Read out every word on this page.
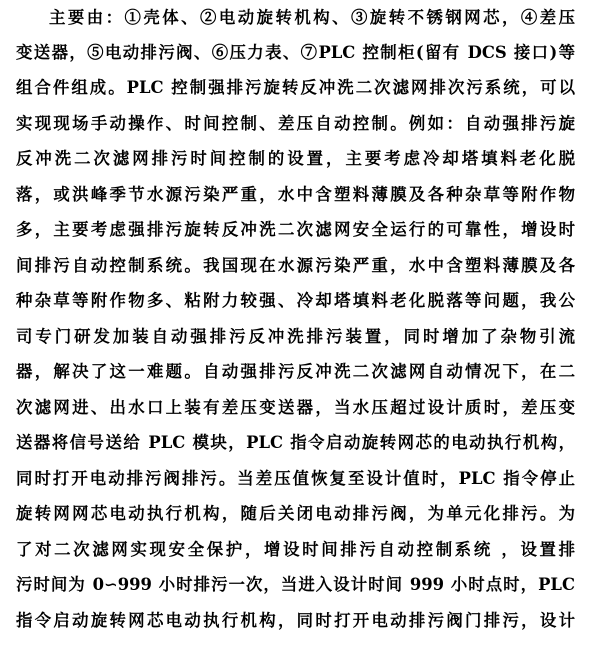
主要由：①壳体、②电动旋转机构、③旋转不锈钢网芯，④差压
变送器，⑤电动排污阀、⑥压力表、⑦PLC 控制柜(留有 DCS 接口)等
组合件组成。PLC 控制强排污旋转反冲洗二次滤网排次污系统，可以
实现现场手动操作、时间控制、差压自动控制。例如：自动强排污旋
反冲洗二次滤网排污时间控制的设置，主要考虑冷却塔填料老化脱
落，或洪峰季节水源污染严重，水中含塑料薄膜及各种杂草等附作物
多，主要考虑强排污旋转反冲洗二次滤网安全运行的可靠性，增设时
间排污自动控制系统。我国现在水源污染严重，水中含塑料薄膜及各
种杂草等附作物多、粘附力较强、冷却塔填料老化脱落等问题，我公
司专门研发加装自动强排污反冲洗排污装置，同时增加了杂物引流
器，解决了这一难题。自动强排污反冲洗二次滤网自动情况下，在二
次滤网进、出水口上装有差压变送器，当水压超过设计质时，差压变
送器将信号送给 PLC 模块，PLC 指令启动旋转网芯的电动执行机构，
同时打开电动排污阀排污。当差压值恢复至设计值时，PLC 指令停止
旋转网网芯电动执行机构，随后关闭电动排污阀，为单元化排污。为
了对二次滤网实现安全保护，增设时间排污自动控制系统 ，设置排
污时间为 0∽999 小时排污一次，当进入设计时间 999 小时点时，PLC
指令启动旋转网芯电动执行机构，同时打开电动排污阀门排污，设计
